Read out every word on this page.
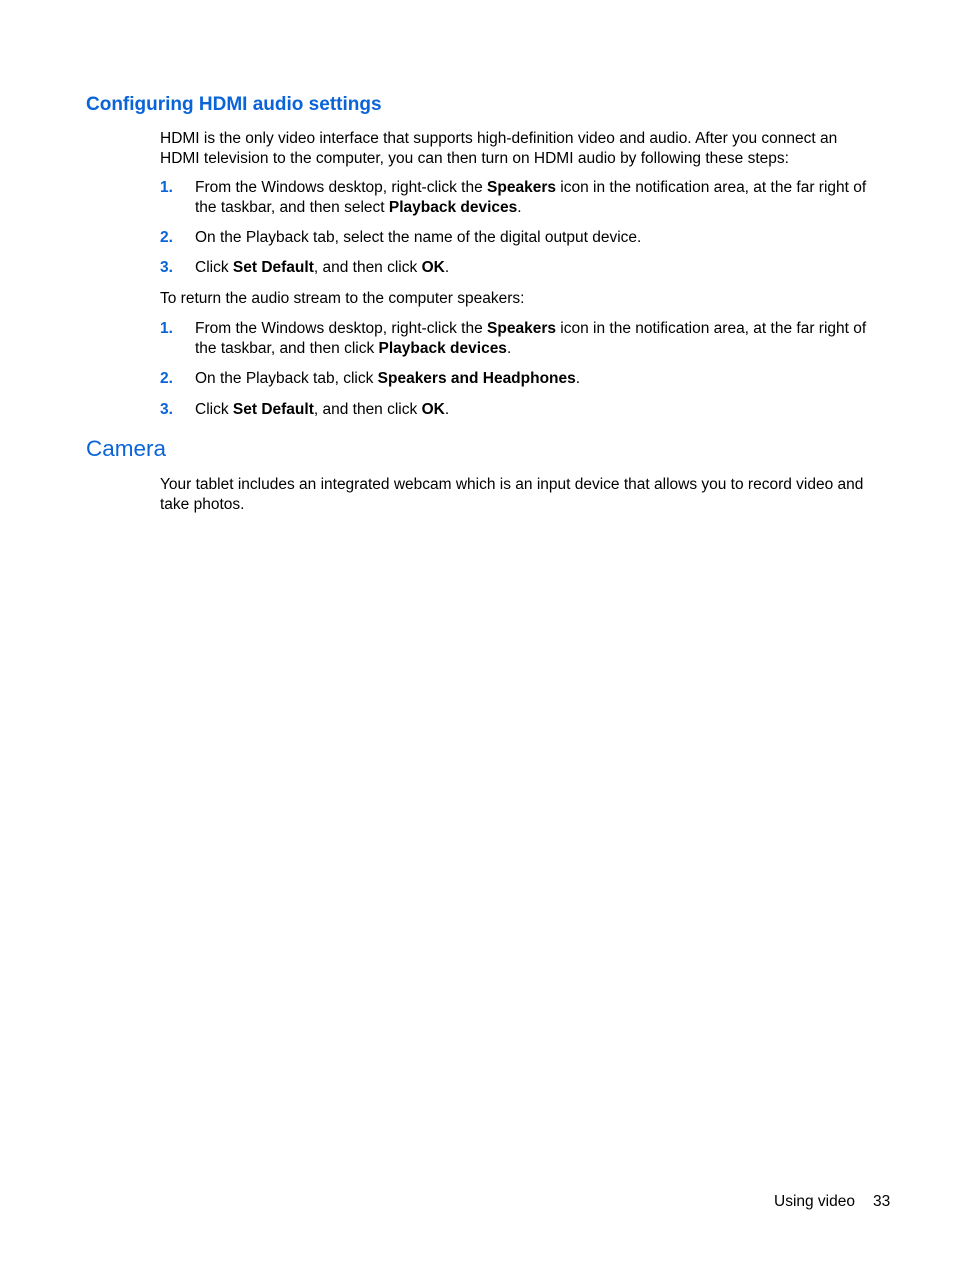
Configuring HDMI audio settings

HDMI is the only video interface that supports high-definition video and audio. After you connect an HDMI television to the computer, you can then turn on HDMI audio by following these steps:

1. From the Windows desktop, right-click the Speakers icon in the notification area, at the far right of the taskbar, and then select Playback devices.
2. On the Playback tab, select the name of the digital output device.
3. Click Set Default, and then click OK.

To return the audio stream to the computer speakers:

1. From the Windows desktop, right-click the Speakers icon in the notification area, at the far right of the taskbar, and then click Playback devices.
2. On the Playback tab, click Speakers and Headphones.
3. Click Set Default, and then click OK.
Camera

Your tablet includes an integrated webcam which is an input device that allows you to record video and take photos.

Using video 33
